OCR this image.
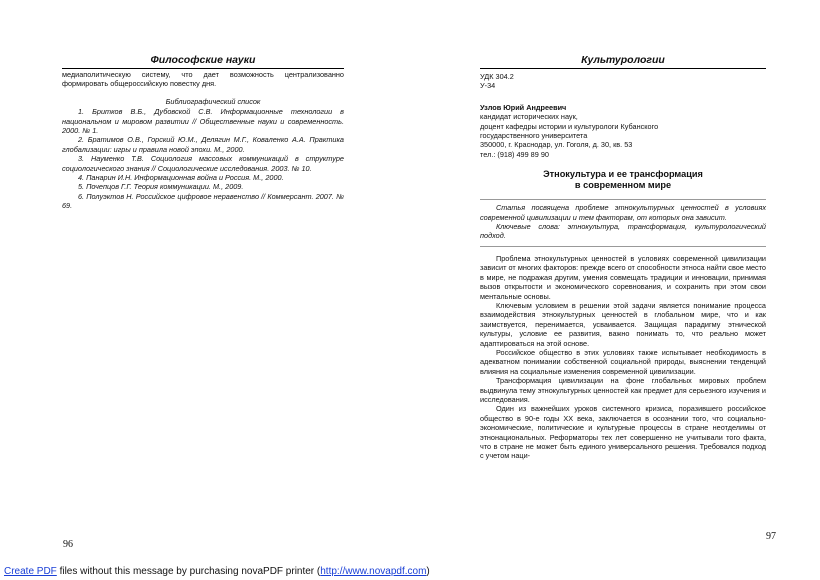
Философские науки

медиаполитическую систему, что дает возможность централизованно формировать общероссийскую повестку дня.

Библиографический список
1. Бритков В.Б., Дубовской С.В. Информационные технологии в национальном и мировом развитии // Общественные науки и современность. 2000. № 1.
2. Братимов О.В., Горский Ю.М., Делягин М.Г., Коваленко А.А. Практика глобализации: игры и правила новой эпохи. М., 2000.
3. Науменко Т.В. Социология массовых коммуникаций в структуре социологического знания // Социологические исследования. 2003. № 10.
4. Панарин И.Н. Информационная война и Россия. М., 2000.
5. Почепцов Г.Г. Теория коммуникации. М., 2009.
6. Полуэктов Н. Российское цифровое неравенство // Коммерсант. 2007. № 69.
96
Культурологии
УДК 304.2
У-34
Узлов Юрий Андреевич
кандидат исторических наук,
доцент кафедры истории и культурологи Кубанского
государственного университета
350000, г. Краснодар, ул. Гоголя, д. 30, кв. 53
тел.: (918) 499 89 90
Этнокультура и ее трансформация
в современном мире

Статья посвящена проблеме этнокультурных ценностей в условиях современной цивилизации и тем факторам, от которых она зависит.

Ключевые слова: этнокультура, трансформация, культурологический подход.

Проблема этнокультурных ценностей в условиях современной цивилизации зависит от многих факторов: прежде всего от способности этноса найти свое место в мире, не подражая другим, умения совмещать традиции и инновации, принимая вызов открытости и экономического соревнования, и сохранить при этом свои ментальные основы.

Ключевым условием в решении этой задачи является понимание процесса взаимодействия этнокультурных ценностей в глобальном мире, что и как заимствуется, перенимается, усваивается. Защищая парадигму этнической культуры, условие ее развития, важно понимать то, что реально может адаптироваться на этой основе.

Российское общество в этих условиях также испытывает необходимость в адекватном понимании собственной социальной природы, выяснении тенденций влияния на социальные изменения современной цивилизации.

Трансформация цивилизации на фоне глобальных мировых проблем выдвинула тему этнокультурных ценностей как предмет для серьезного изучения и исследования.

Один из важнейших уроков системного кризиса, поразившего российское общество в 90-е годы XX века, заключается в осознании того, что социально-экономические, политические и культурные процессы в стране неотделимы от этнонациональных. Реформаторы тех лет совершенно не учитывали того факта, что в стране не может быть единого универсального решения. Требовался подход с учетом наци-

97
Create PDF files without this message by purchasing novaPDF printer (http://www.novapdf.com)
